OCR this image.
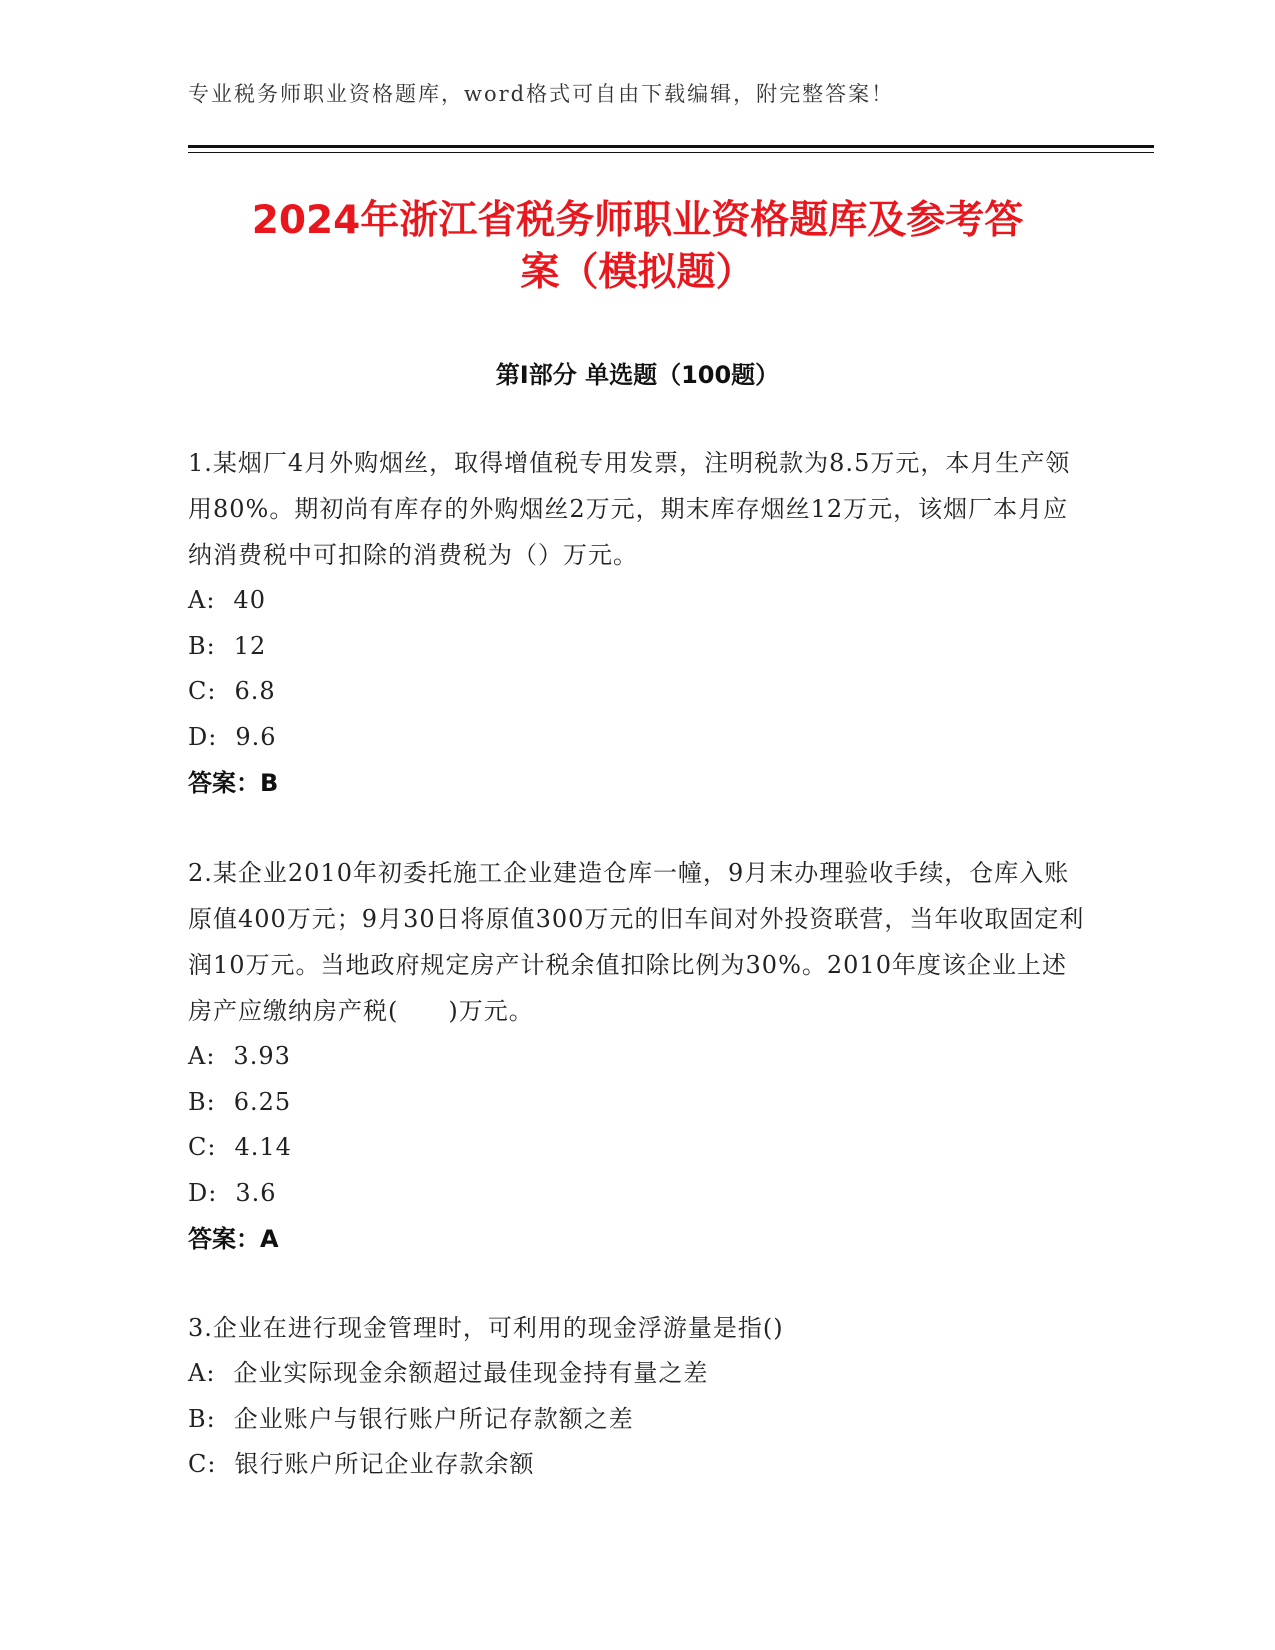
专业税务师职业资格题库，word格式可自由下载编辑，附完整答案！
2024年浙江省税务师职业资格题库及参考答
案（模拟题）
第I部分 单选题（100题）
1.某烟厂4月外购烟丝，取得增值税专用发票，注明税款为8.5万元，本月生产领用80%。期初尚有库存的外购烟丝2万元，期末库存烟丝12万元，该烟厂本月应纳消费税中可扣除的消费税为（）万元。
A: 40
B: 12
C: 6.8
D: 9.6
答案：B
2.某企业2010年初委托施工企业建造仓库一幢，9月末办理验收手续，仓库入账原值400万元；9月30日将原值300万元的旧车间对外投资联营，当年收取固定利润10万元。当地政府规定房产计税余值扣除比例为30%。2010年度该企业上述房产应缴纳房产税(　　)万元。
A: 3.93
B: 6.25
C: 4.14
D: 3.6
答案：A
3.企业在进行现金管理时，可利用的现金浮游量是指()
A: 企业实际现金余额超过最佳现金持有量之差
B: 企业账户与银行账户所记存款额之差
C: 银行账户所记企业存款余额
